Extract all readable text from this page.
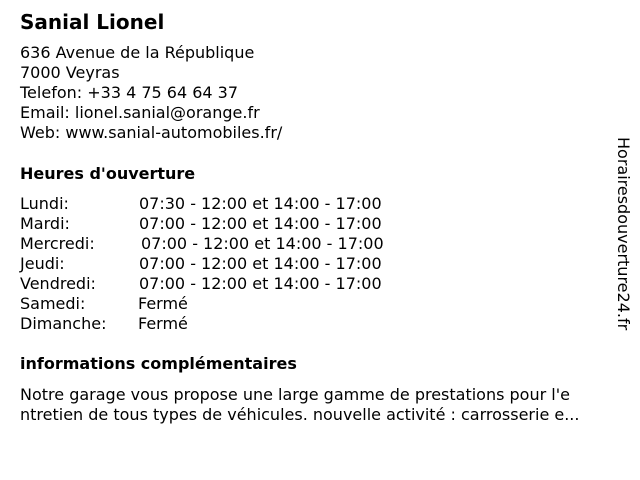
Sanial Lionel
636 Avenue de la République
7000 Veyras
Telefon: +33 4 75 64 64 37
Email: lionel.sanial@orange.fr
Web: www.sanial-automobiles.fr/
Heures d'ouverture
Lundi:	07:30 - 12:00 et 14:00 - 17:00
Mardi:	07:00 - 12:00 et 14:00 - 17:00
Mercredi:	07:00 - 12:00 et 14:00 - 17:00
Jeudi:	07:00 - 12:00 et 14:00 - 17:00
Vendredi:	07:00 - 12:00 et 14:00 - 17:00
Samedi:	Fermé
Dimanche: Fermé
informations complémentaires
Notre garage vous propose une large gamme de prestations pour l'e
ntretien de tous types de véhicules. nouvelle activité : carrosserie e...
Horairesdouverture24.fr
